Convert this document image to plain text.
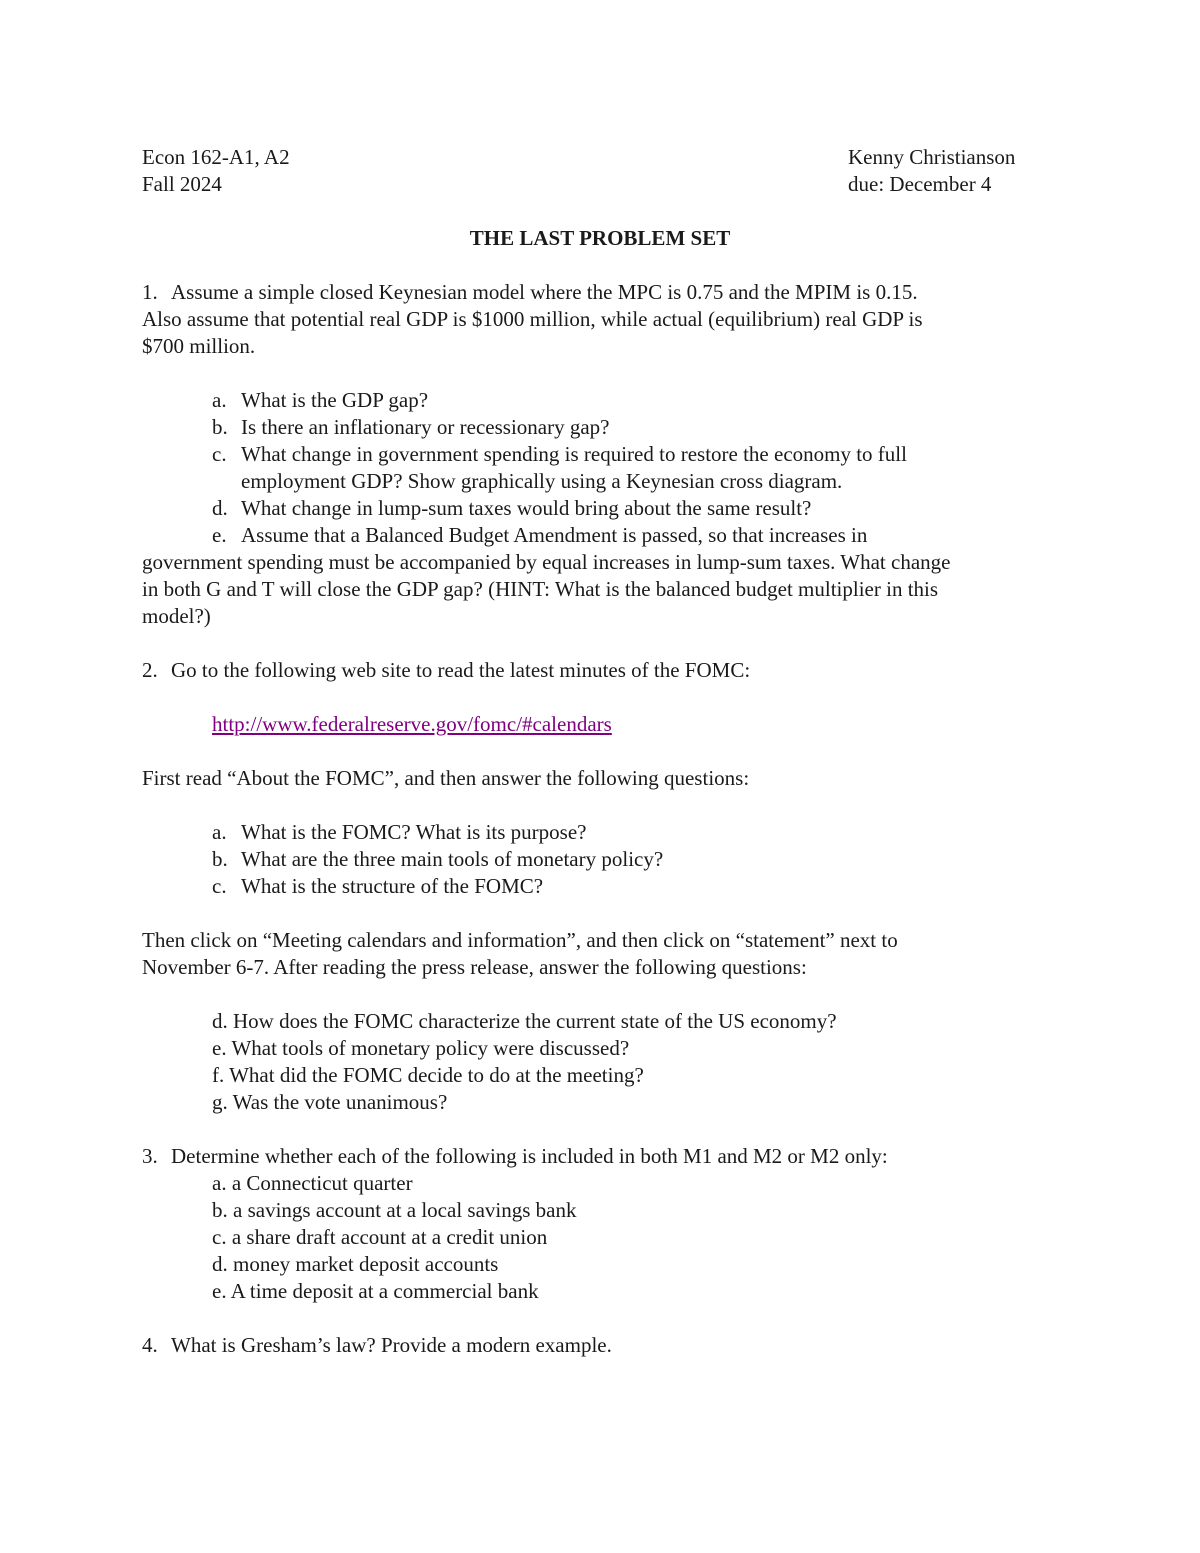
Econ 162-A1, A2
Fall 2024
Kenny Christianson
due: December 4
THE LAST PROBLEM SET
1. Assume a simple closed Keynesian model where the MPC is 0.75 and the MPIM is 0.15.
Also assume that potential real GDP is $1000 million, while actual (equilibrium) real GDP is
$700 million.
a. What is the GDP gap?
b. Is there an inflationary or recessionary gap?
c. What change in government spending is required to restore the economy to full
employment GDP? Show graphically using a Keynesian cross diagram.
d. What change in lump-sum taxes would bring about the same result?
e. Assume that a Balanced Budget Amendment is passed, so that increases in
government spending must be accompanied by equal increases in lump-sum taxes. What change
in both G and T will close the GDP gap? (HINT: What is the balanced budget multiplier in this
model?)
2. Go to the following web site to read the latest minutes of the FOMC:
http://www.federalreserve.gov/fomc/#calendars
First read “About the FOMC”, and then answer the following questions:
a. What is the FOMC? What is its purpose?
b. What are the three main tools of monetary policy?
c. What is the structure of the FOMC?
Then click on “Meeting calendars and information”, and then click on “statement” next to
November 6-7. After reading the press release, answer the following questions:
d. How does the FOMC characterize the current state of the US economy?
e. What tools of monetary policy were discussed?
f. What did the FOMC decide to do at the meeting?
g. Was the vote unanimous?
3. Determine whether each of the following is included in both M1 and M2 or M2 only:
a. a Connecticut quarter
b. a savings account at a local savings bank
c. a share draft account at a credit union
d. money market deposit accounts
e. A time deposit at a commercial bank
4. What is Gresham’s law? Provide a modern example.
